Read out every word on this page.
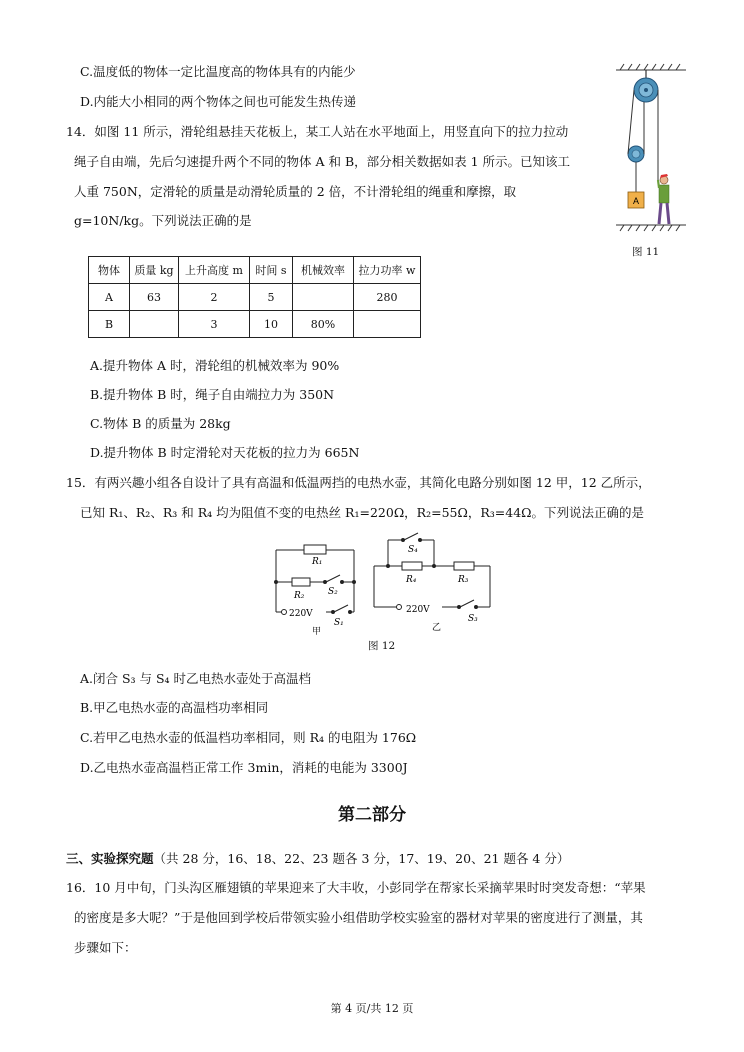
C.温度低的物体一定比温度高的物体具有的内能少
D.内能大小相同的两个物体之间也可能发生热传递
14．如图 11 所示，滑轮组悬挂天花板上，某工人站在水平地面上，用竖直向下的拉力拉动
绳子自由端，先后匀速提升两个不同的物体 A 和 B，部分相关数据如表 1 所示。已知该工
人重 750N，定滑轮的质量是动滑轮质量的 2 倍，不计滑轮组的绳重和摩擦，取
g=10N/kg。下列说法正确的是
A
图 11
物体	质量 kg	上升高度 m	时间 s	机械效率	拉力功率 w
A	63	2	5		280
B		3	10	80%	
A.提升物体 A 时，滑轮组的机械效率为 90%
B.提升物体 B 时，绳子自由端拉力为 350N
C.物体 B 的质量为 28kg
D.提升物体 B 时定滑轮对天花板的拉力为 665N
15．有两兴趣小组各自设计了具有高温和低温两挡的电热水壶，其简化电路分别如图 12 甲，12 乙所示，
已知 R₁、R₂、R₃ 和 R₄ 均为阻值不变的电热丝 R₁=220Ω，R₂=55Ω，R₃=44Ω。下列说法正确的是
R₁
R₂	S₂
220V
S₁
甲
S₄
R₄	R₃
220V
S₃
乙
图 12
A.闭合 S₃ 与 S₄ 时乙电热水壶处于高温档
B.甲乙电热水壶的高温档功率相同
C.若甲乙电热水壶的低温档功率相同，则 R₄ 的电阻为 176Ω
D.乙电热水壶高温档正常工作 3min，消耗的电能为 3300J
第二部分
三、实验探究题（共 28 分，16、18、22、23 题各 3 分，17、19、20、21 题各 4 分）
16．10 月中旬，门头沟区雁翅镇的苹果迎来了大丰收，小彭同学在帮家长采摘苹果时时突发奇想：“苹果
的密度是多大呢？”于是他回到学校后带领实验小组借助学校实验室的器材对苹果的密度进行了测量，其
步骤如下：
第 4 页/共 12 页
